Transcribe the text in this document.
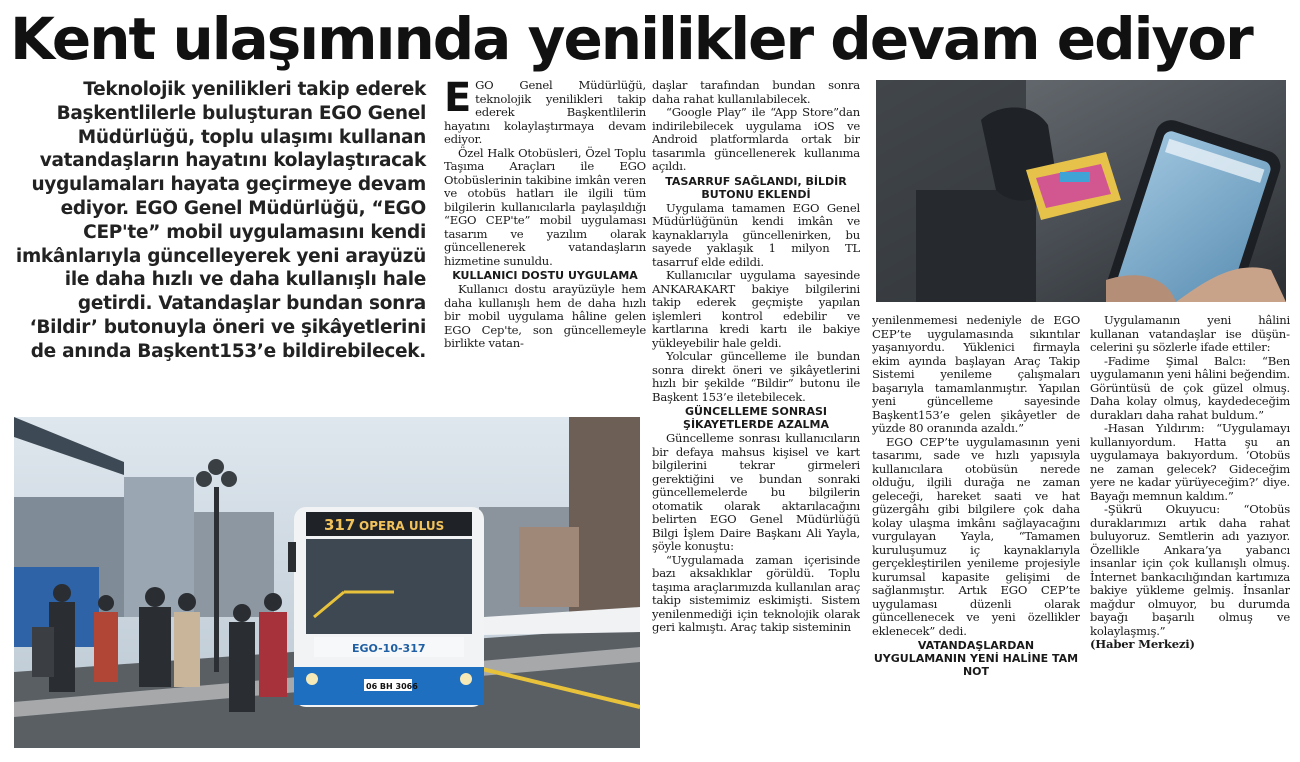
Kent ulaşımında yenilikler devam ediyor

Teknolojik yenilikleri takip ederek Başkentlilerle buluşturan EGO Genel Müdürlüğü, toplu ulaşımı kullanan vatandaşların hayatını kolaylaştıracak uygulamaları hayata geçirmeye devam ediyor. EGO Genel Müdürlüğü, “EGO CEP'te” mobil uygulamasını kendi imkânlarıyla güncelleyerek yeni arayüzü ile daha hızlı ve daha kullanışlı hale getirdi. Vatandaşlar bundan sonra ‘Bildir’ butonuyla öneri ve şikâyetlerini de anında Başkent153’e bildirebilecek.

EGO Genel Müdürlüğü, teknolojik yenilikleri takip ederek Başkentlilerin hayatını kolaylaştırmaya devam ediyor.

Özel Halk Otobüsleri, Özel Toplu Taşıma Araçları ile EGO Otobüslerinin takibine imkân veren ve otobüs hatları ile ilgili tüm bilgilerin kullanıcılarla paylaşıldığı “EGO CEP'te” mobil uygulaması tasarım ve yazılım olarak güncellenerek vatandaşların hizmetine sunuldu.

KULLANICI DOSTU UYGULAMA

Kullanıcı dostu arayüzüyle hem daha kullanışlı hem de daha hızlı bir mobil uygulama hâline gelen EGO Cep'te, son güncellemeyle birlikte vatan-

daşlar tarafından bundan sonra daha rahat kullanılabilecek.

“Google Play” ile “App Store”dan indirilebilecek uygulama iOS ve Android platformlarda ortak bir tasarımla güncellenerek kullanıma açıldı.

TASARRUF SAĞLANDI, BİLDİR BUTONU EKLENDİ

Uygulama tamamen EGO Genel Müdürlüğünün kendi imkân ve kaynaklarıyla güncellenirken, bu sayede yaklaşık 1 milyon TL tasarruf elde edildi.

Kullanıcılar uygulama sayesinde ANKARAKART bakiye bilgilerini takip ederek geçmişte yapılan işlemleri kontrol edebilir ve kartlarına kredi kartı ile bakiye yükleyebilir hale geldi.

Yolcular güncelleme ile bundan sonra direkt öneri ve şikâyetlerini hızlı bir şekilde “Bildir” butonu ile Başkent 153’e iletebilecek.

GÜNCELLEME SONRASI ŞİKAYETLERDE AZALMA

Güncelleme sonrası kullanıcıların bir defaya mahsus kişisel ve kart bilgilerini tekrar girmeleri gerektiğini ve bundan sonraki güncellemelerde bu bilgilerin otomatik olarak aktarılacağını belirten EGO Genel Müdürlüğü Bilgi İşlem Daire Başkanı Ali Yayla, şöyle konuştu:

“Uygulamada zaman içerisinde bazı aksaklıklar görüldü. Toplu taşıma araçlarımızda kullanılan araç takip sistemimiz eskimişti. Sistem yenilenmediği için teknolojik olarak geri kalmıştı. Araç takip sisteminin

yenilenmemesi nedeniyle de EGO CEP’te uygulamasında sıkıntılar yaşanıyordu. Yüklenici firmayla ekim ayında başlayan Araç Takip Sistemi yenileme çalışmaları başarıyla tamamlanmıştır. Yapılan yeni güncelleme sayesinde Başkent153’e gelen şikâyetler de yüzde 80 oranında azaldı.”

EGO CEP’te uygulamasının yeni tasarımı, sade ve hızlı yapısıyla kullanıcılara otobüsün nerede olduğu, ilgili durağa ne zaman geleceği, hareket saati ve hat güzergâhı gibi bilgilere çok daha kolay ulaşma imkânı sağlayacağını vurgulayan Yayla, “Tamamen kuruluşumuz iç kaynaklarıyla gerçekleştirilen yenileme projesiyle kurumsal kapasite gelişimi de sağlanmıştır. Artık EGO CEP’te uygulaması düzenli olarak güncellenecek ve yeni özellikler eklenecek” dedi.

VATANDAŞLARDAN UYGULAMANIN YENİ HALİNE TAM NOT

Uygulamanın yeni hâlini kullanan vatandaşlar ise düşüncelerini şu sözlerle ifade ettiler:

-Fadime Şimal Balcı: “Ben uygulamanın yeni hâlini beğendim. Görüntüsü de çok güzel olmuş. Daha kolay olmuş, kaydedeceğim durakları daha rahat buldum.”

-Hasan Yıldırım: “Uygulamayı kullanıyordum. Hatta şu an uygulamaya bakıyordum. ‘Otobüs ne zaman gelecek? Gideceğim yere ne kadar yürüyeceğim?’ diye. Bayağı memnun kaldım.”

-Şükrü Okuyucu: “Otobüs duraklarımızı artık daha rahat buluyoruz. Semtlerin adı yazıyor. Özellikle Ankara’ya yabancı insanlar için çok kullanışlı olmuş. İnternet bankacılığından kartımıza bakiye yükleme gelmiş. İnsanlar mağdur olmuyor, bu durumda bayağı başarılı olmuş ve kolaylaşmış.”

(Haber Merkezi)

317 OPERA ULUS
EGO-10-317
06 BH 3066
